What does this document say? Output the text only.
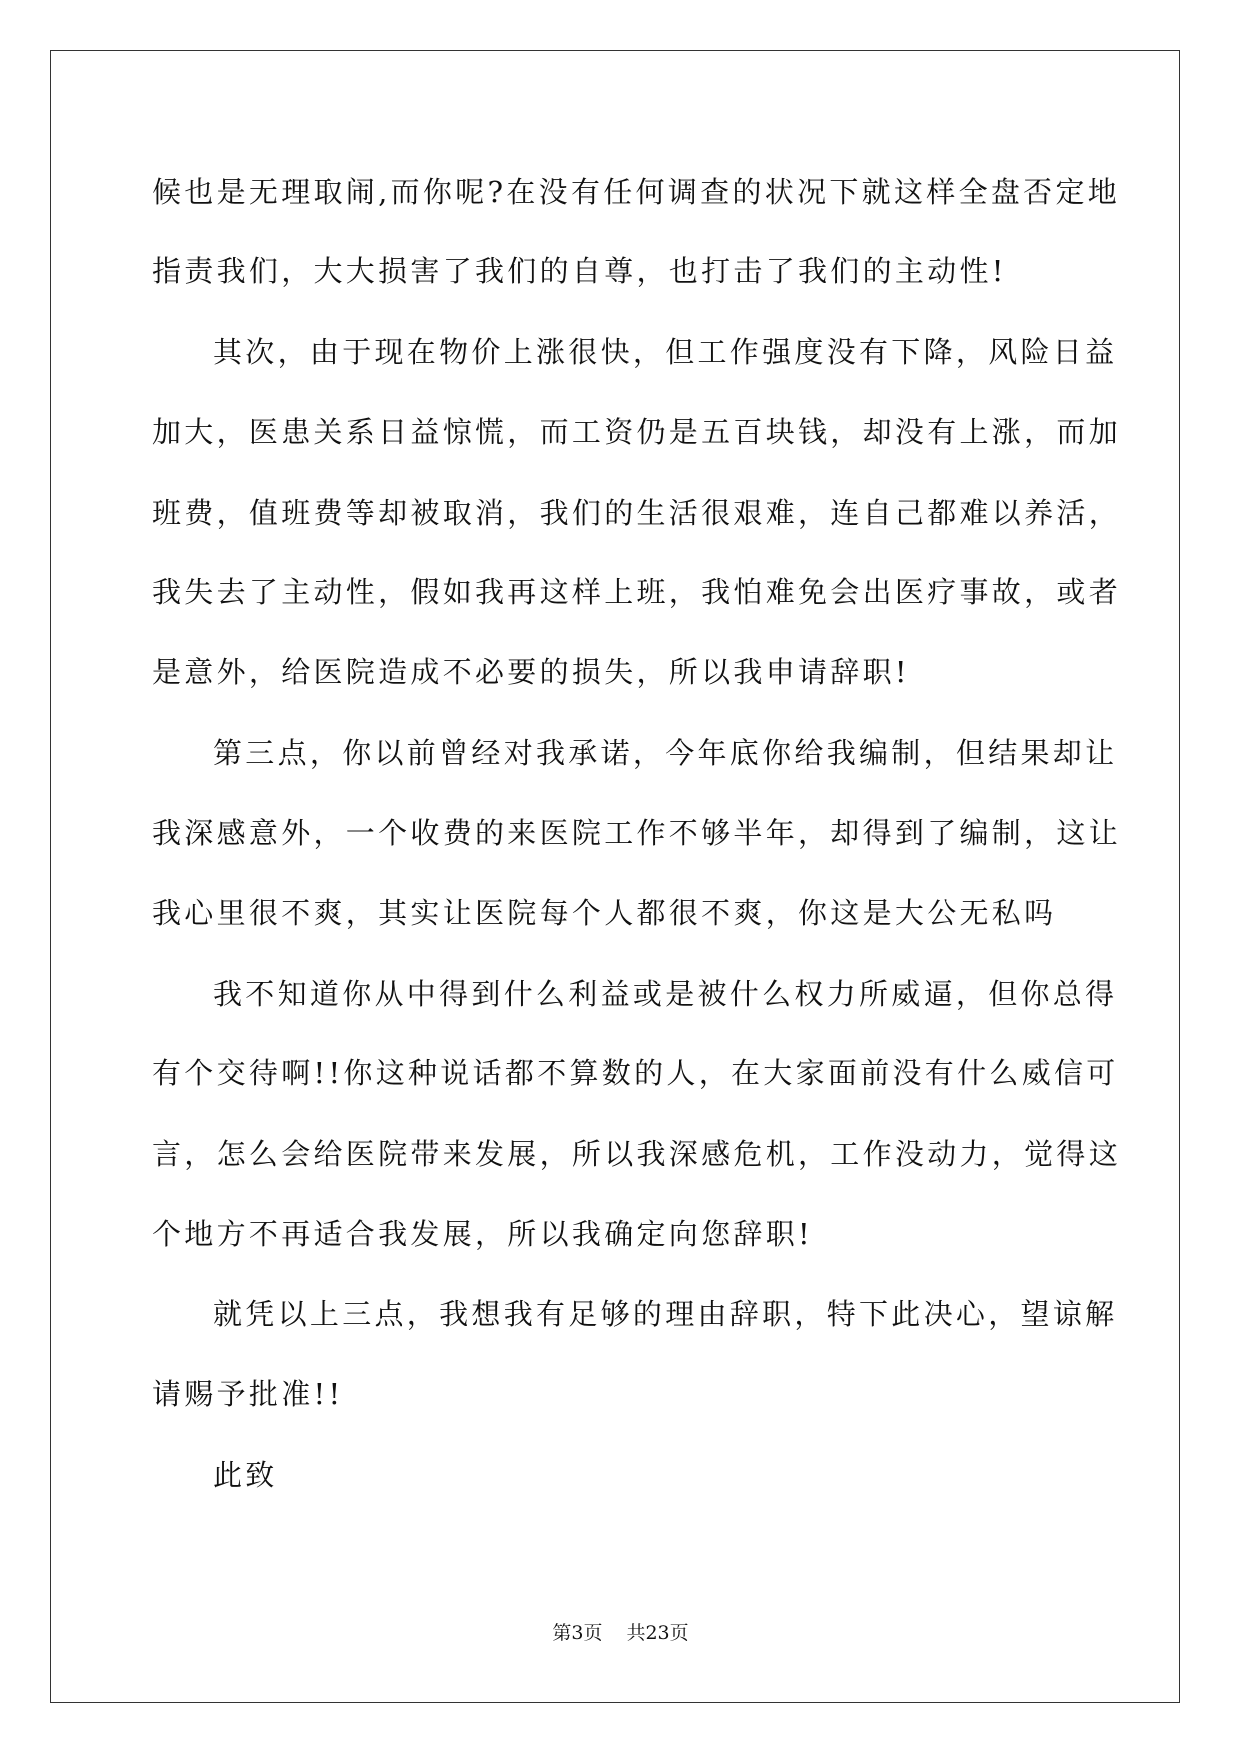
候也是无理取闹,而你呢?在没有任何调查的状况下就这样全盘否定地
指责我们，大大损害了我们的自尊，也打击了我们的主动性!
其次，由于现在物价上涨很快，但工作强度没有下降，风险日益
加大，医患关系日益惊慌，而工资仍是五百块钱，却没有上涨，而加
班费，值班费等却被取消，我们的生活很艰难，连自己都难以养活，
我失去了主动性，假如我再这样上班，我怕难免会出医疗事故，或者
是意外，给医院造成不必要的损失，所以我申请辞职!
第三点，你以前曾经对我承诺，今年底你给我编制，但结果却让
我深感意外，一个收费的来医院工作不够半年，却得到了编制，这让
我心里很不爽，其实让医院每个人都很不爽，你这是大公无私吗
我不知道你从中得到什么利益或是被什么权力所威逼，但你总得
有个交待啊!!你这种说话都不算数的人，在大家面前没有什么威信可
言，怎么会给医院带来发展，所以我深感危机，工作没动力，觉得这
个地方不再适合我发展，所以我确定向您辞职!
就凭以上三点，我想我有足够的理由辞职，特下此决心，望谅解
请赐予批准!!
此致
第3页 共23页
